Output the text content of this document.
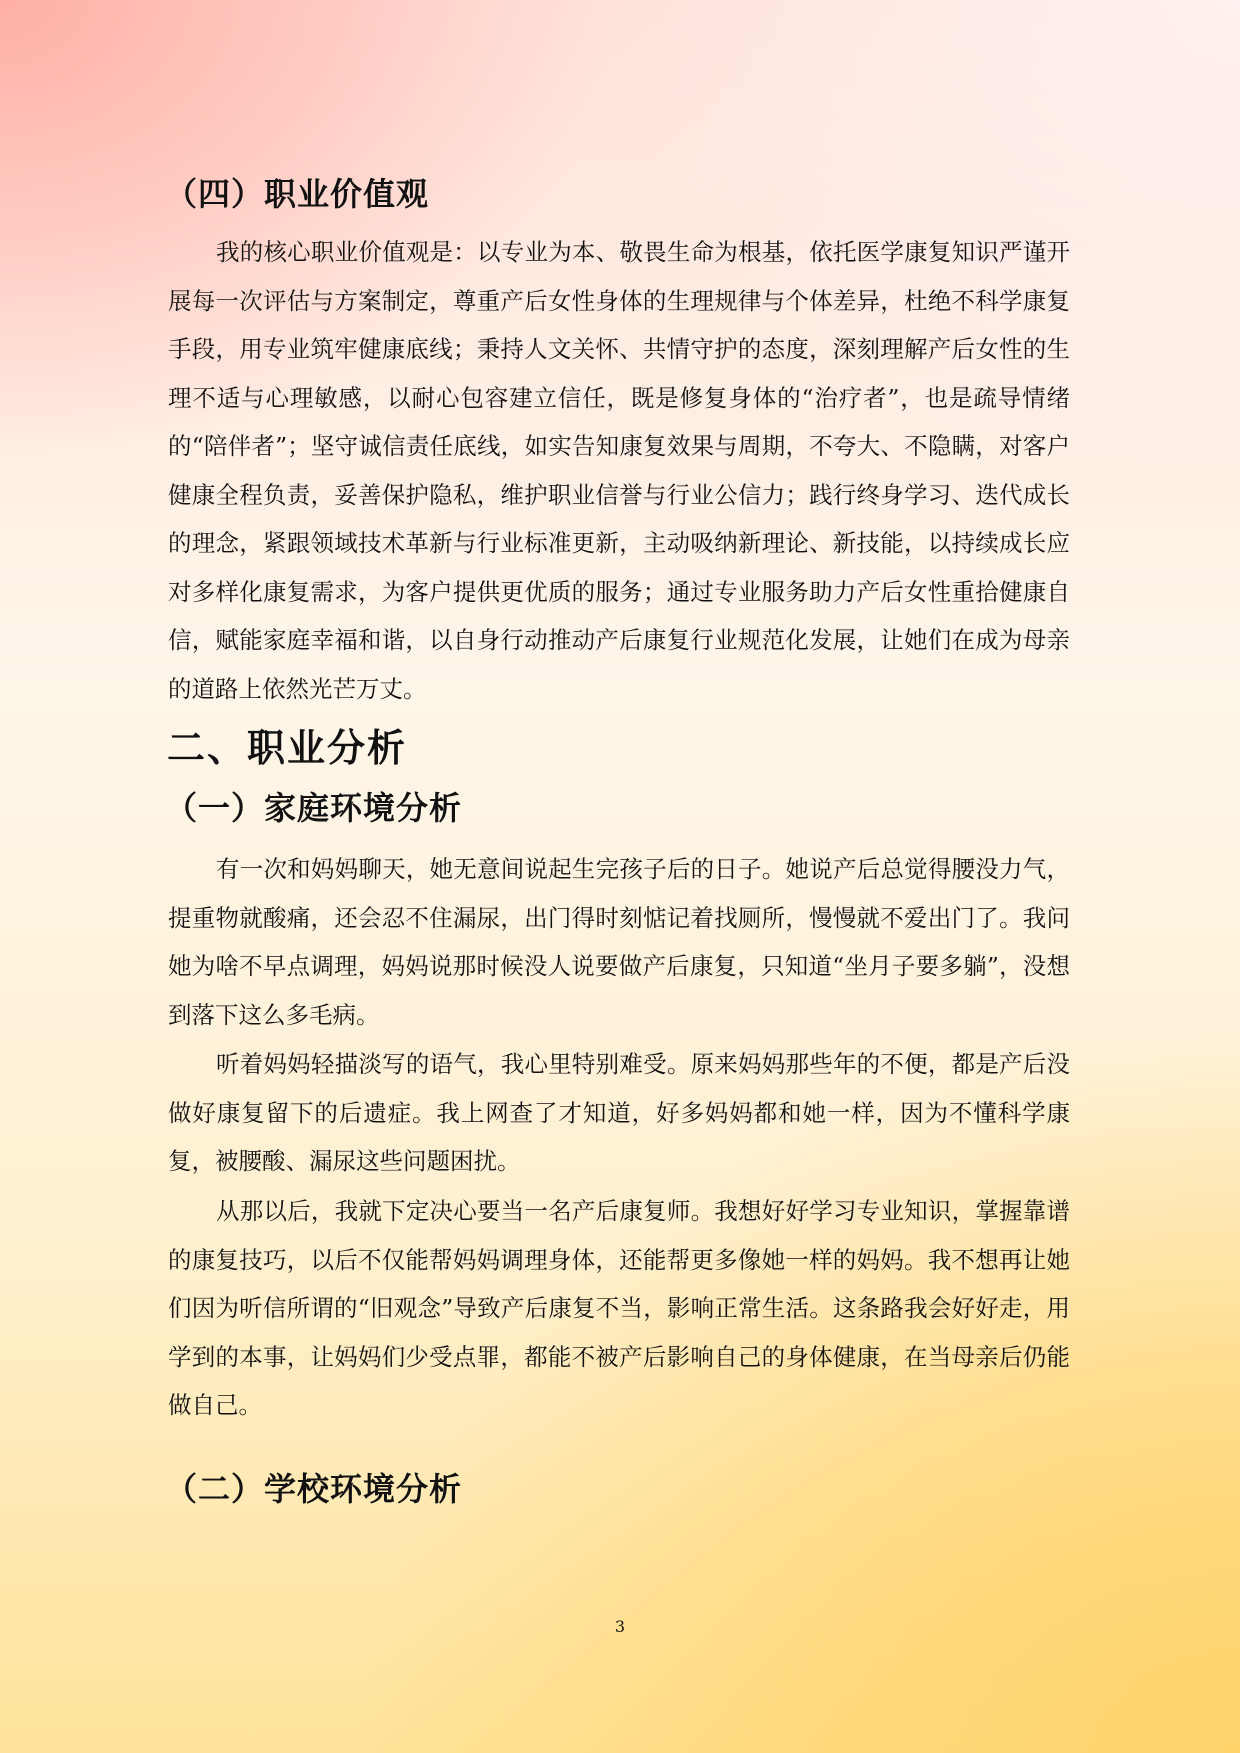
（四）职业价值观

我的核心职业价值观是：以专业为本、敬畏生命为根基，依托医学康复知识严谨开展每一次评估与方案制定，尊重产后女性身体的生理规律与个体差异，杜绝不科学康复手段，用专业筑牢健康底线；秉持人文关怀、共情守护的态度，深刻理解产后女性的生理不适与心理敏感，以耐心包容建立信任，既是修复身体的“治疗者”，也是疏导情绪的“陪伴者”；坚守诚信责任底线，如实告知康复效果与周期，不夸大、不隐瞒，对客户健康全程负责，妥善保护隐私，维护职业信誉与行业公信力；践行终身学习、迭代成长的理念，紧跟领域技术革新与行业标准更新，主动吸纳新理论、新技能，以持续成长应对多样化康复需求，为客户提供更优质的服务；通过专业服务助力产后女性重拾健康自信，赋能家庭幸福和谐，以自身行动推动产后康复行业规范化发展，让她们在成为母亲的道路上依然光芒万丈。

二、职业分析
（一）家庭环境分析

有一次和妈妈聊天，她无意间说起生完孩子后的日子。她说产后总觉得腰没力气，提重物就酸痛，还会忍不住漏尿，出门得时刻惦记着找厕所，慢慢就不爱出门了。我问她为啥不早点调理，妈妈说那时候没人说要做产后康复，只知道“坐月子要多躺”，没想到落下这么多毛病。

听着妈妈轻描淡写的语气，我心里特别难受。原来妈妈那些年的不便，都是产后没做好康复留下的后遗症。我上网查了才知道，好多妈妈都和她一样，因为不懂科学康复，被腰酸、漏尿这些问题困扰。

从那以后，我就下定决心要当一名产后康复师。我想好好学习专业知识，掌握靠谱的康复技巧，以后不仅能帮妈妈调理身体，还能帮更多像她一样的妈妈。我不想再让她们因为听信所谓的“旧观念”导致产后康复不当，影响正常生活。这条路我会好好走，用学到的本事，让妈妈们少受点罪，都能不被产后影响自己的身体健康，在当母亲后仍能做自己。

（二）学校环境分析

3
